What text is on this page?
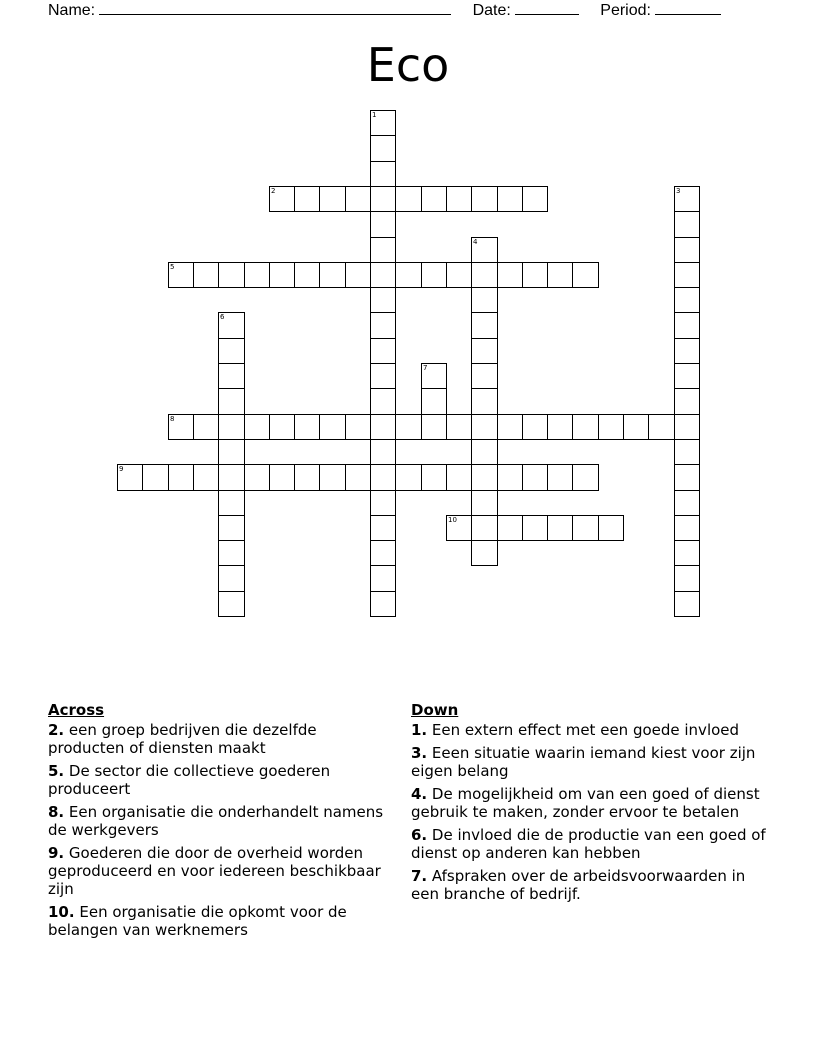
Name:	Date:	Period:
Eco
1
2	3
4
5
6
7
8
9
10
Across
2. een groep bedrijven die dezelfde producten of diensten maakt
5. De sector die collectieve goederen produceert
8. Een organisatie die onderhandelt namens de werkgevers
9. Goederen die door de overheid worden geproduceerd en voor iedereen beschikbaar zijn
10. Een organisatie die opkomt voor de belangen van werknemers
Down
1. Een extern effect met een goede invloed
3. Eeen situatie waarin iemand kiest voor zijn eigen belang
4. De mogelijkheid om van een goed of dienst gebruik te maken, zonder ervoor te betalen
6. De invloed die de productie van een goed of dienst op anderen kan hebben
7. Afspraken over de arbeidsvoorwaarden in een branche of bedrijf.
